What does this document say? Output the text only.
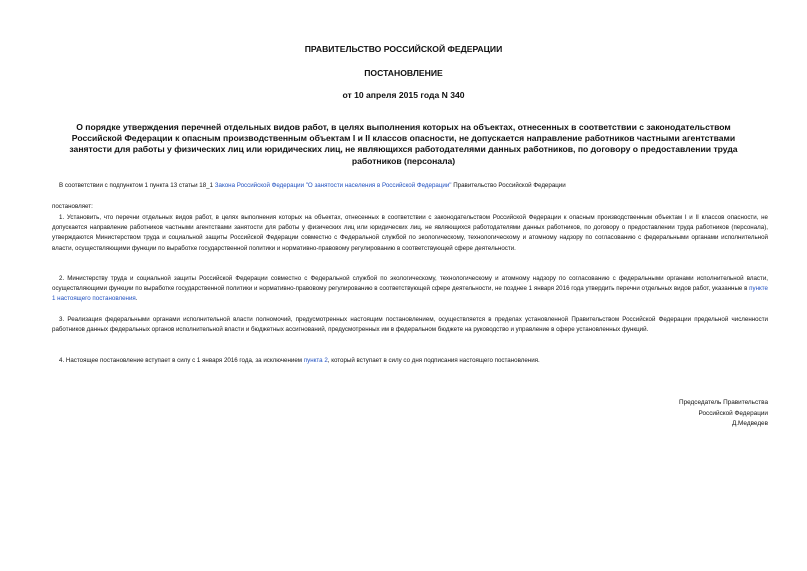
ПРАВИТЕЛЬСТВО РОССИЙСКОЙ ФЕДЕРАЦИИ

ПОСТАНОВЛЕНИЕ

от 10 апреля 2015 года N 340

О порядке утверждения перечней отдельных видов работ, в целях выполнения которых на объектах, отнесенных в соответствии с законодательством Российской Федерации к опасным производственным объектам I и II классов опасности, не допускается направление работников частными агентствами занятости для работы у физических лиц или юридических лиц, не являющихся работодателями данных работников, по договору о предоставлении труда работников (персонала)

В соответствии с подпунктом 1 пункта 13 статьи 18_1 Закона Российской Федерации "О занятости населения в Российской Федерации" Правительство Российской Федерации

постановляет:

1. Установить, что перечни отдельных видов работ, в целях выполнения которых на объектах, отнесенных в соответствии с законодательством Российской Федерации к опасным производственным объектам I и II классов опасности, не допускается направление работников частными агентствами занятости для работы у физических лиц или юридических лиц, не являющихся работодателями данных работников, по договору о предоставлении труда работников (персонала), утверждаются Министерством труда и социальной защиты Российской Федерации совместно с Федеральной службой по экологическому, технологическому и атомному надзору по согласованию с федеральными органами исполнительной власти, осуществляющими функции по выработке государственной политики и нормативно-правовому регулированию в соответствующей сфере деятельности.

2. Министерству труда и социальной защиты Российской Федерации совместно с Федеральной службой по экологическому, технологическому и атомному надзору по согласованию с федеральными органами исполнительной власти, осуществляющими функции по выработке государственной политики и нормативно-правовому регулированию в соответствующей сфере деятельности, не позднее 1 января 2016 года утвердить перечни отдельных видов работ, указанные в пункте 1 настоящего постановления.

3. Реализация федеральными органами исполнительной власти полномочий, предусмотренных настоящим постановлением, осуществляется в пределах установленной Правительством Российской Федерации предельной численности работников данных федеральных органов исполнительной власти и бюджетных ассигнований, предусмотренных им в федеральном бюджете на руководство и управление в сфере установленных функций.

4. Настоящее постановление вступает в силу с 1 января 2016 года, за исключением пункта 2, который вступает в силу со дня подписания настоящего постановления.

Председатель Правительства
Российской Федерации
Д.Медведев
